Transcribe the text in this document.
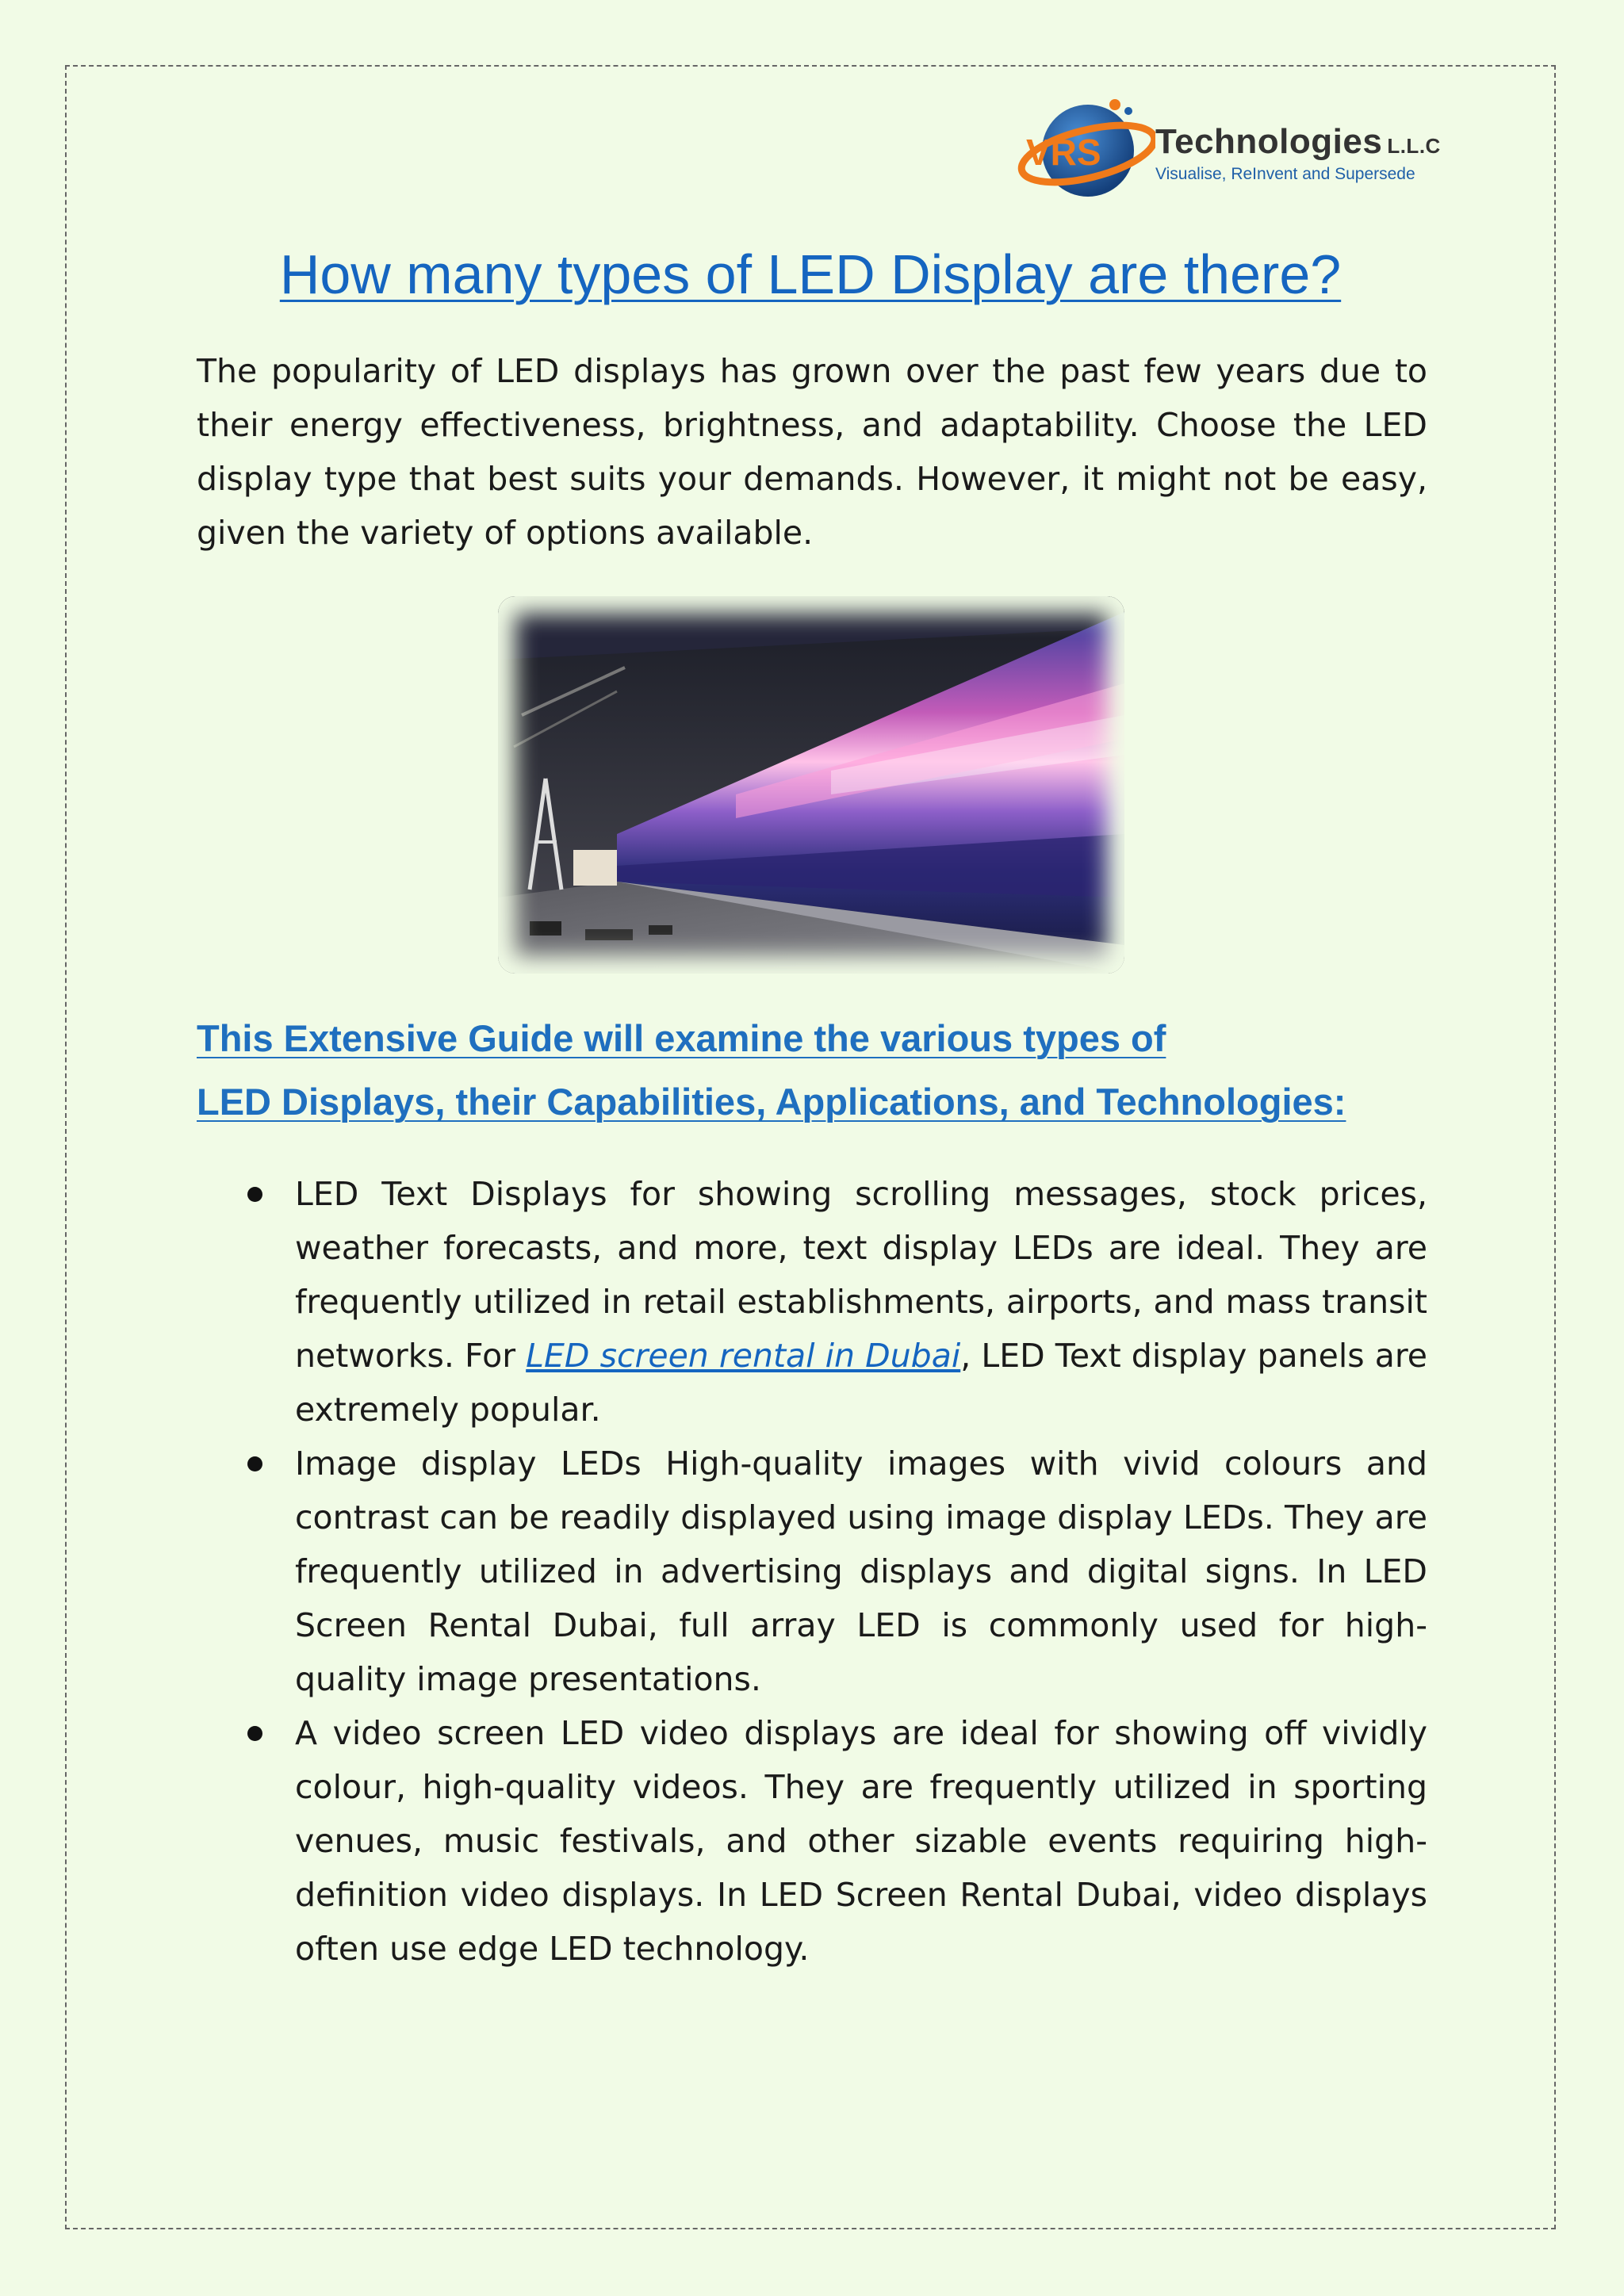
VRS Technologies L.L.C
Visualise, ReInvent and Supersede
How many types of LED Display are there?

The popularity of LED displays has grown over the past few years due to their energy effectiveness, brightness, and adaptability. Choose the LED display type that best suits your demands. However, it might not be easy, given the variety of options available.

This Extensive Guide will examine the various types of
LED Displays, their Capabilities, Applications, and Technologies:
LED Text Displays for showing scrolling messages, stock prices, weather forecasts, and more, text display LEDs are ideal. They are frequently utilized in retail establishments, airports, and mass transit networks. For LED screen rental in Dubai, LED Text display panels are extremely popular.
Image display LEDs High-quality images with vivid colours and contrast can be readily displayed using image display LEDs. They are frequently utilized in advertising displays and digital signs. In LED Screen Rental Dubai, full array LED is commonly used for high-quality image presentations.
A video screen LED video displays are ideal for showing off vividly colour, high-quality videos. They are frequently utilized in sporting venues, music festivals, and other sizable events requiring high-definition video displays. In LED Screen Rental Dubai, video displays often use edge LED technology.
